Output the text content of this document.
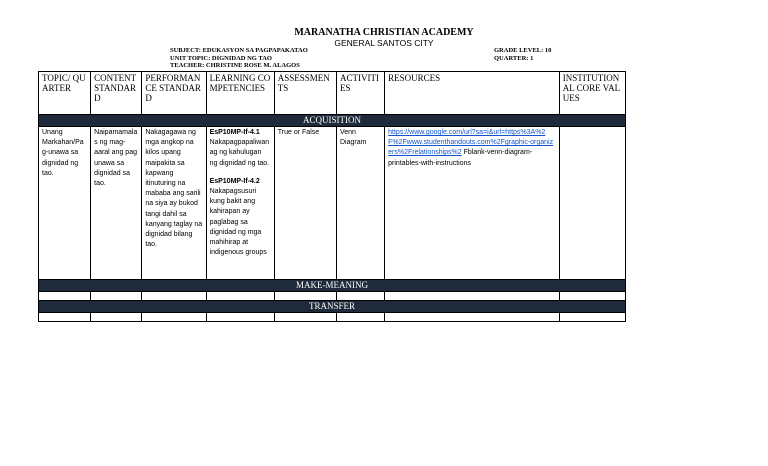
MARANATHA CHRISTIAN ACADEMY
GENERAL SANTOS CITY
SUBJECT: EDUKASYON SA PAGPAPAKATAO
UNIT TOPIC: DIGNIDAD NG TAO
TEACHER: CHRISTINE ROSE M. ALAGOS
GRADE LEVEL: 10
QUARTER: 1
TOPIC/ QUARTER	CONTENT STANDARD	PERFORMANCE STANDARD	LEARNING COMPETENCIES	ASSESSMENTS	ACTIVITIES	RESOURCES	INSTITUTIONAL CORE VALUES
ACQUISITION							
Unang Markahan/Pag-unawa sa dignidad ng tao.	Naipamamalas ng mag-aaral ang pag unawa sa dignidad sa tao.	Nakagagawa ng mga angkop na kilos upang maipakita sa kapwang itinuturing na mababa ang sarili na siya ay bukod tangi dahil sa kanyang taglay na dignidad bilang tao.	EsP10MP-If-4.1
Nakapagpapaliwanag ng kahulugan ng dignidad ng tao.
EsP10MP-If-4.2
Nakapagsusuri kung bakit ang kahirapan ay paglabag sa dignidad ng mga mahihirap at indigenous groups	True or False	Venn Diagram	https://www.google.com/url?sa=i&url=https%3A%2F%2Fwww.studenthandouts.com%2Fgraphic-organizers%2Frelationships%2 Fblank-venn-diagram-printables-with-instructions	
MAKE-MEANING							

TRANSFER							
